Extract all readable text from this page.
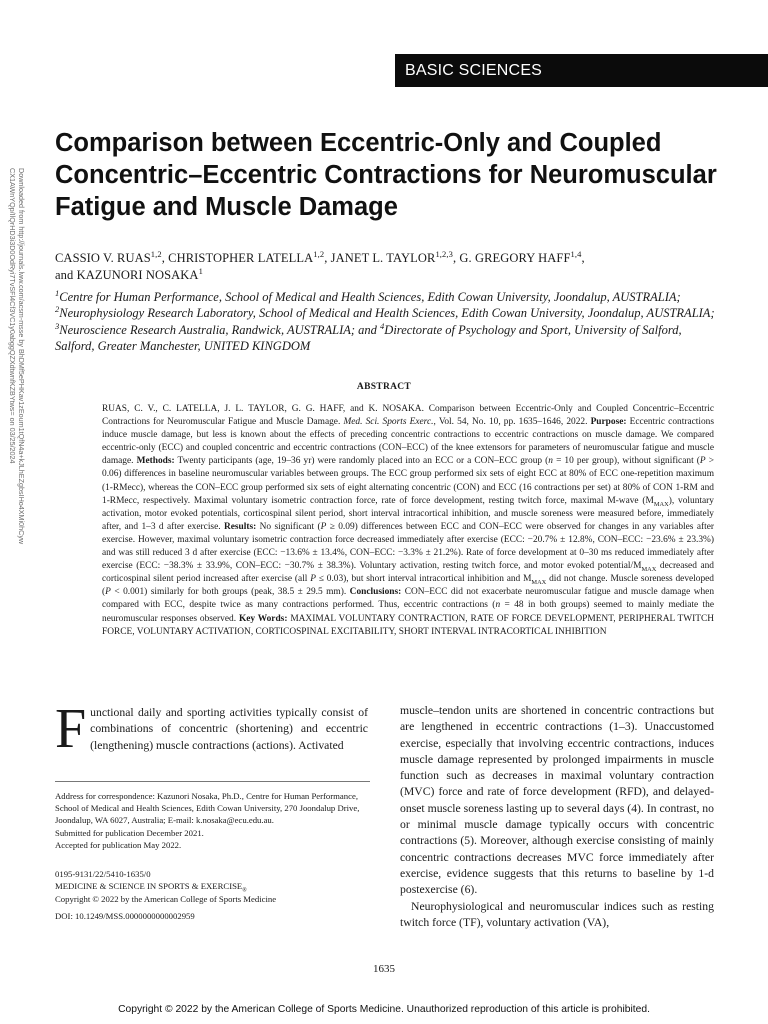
BASIC SCIENCES
Downloaded from http://journals.lww.com/acsm-msse by BhDMf5ePHKav1zEoum1tQfN4a+kJLhEZgbsIHo4XMi0hCyw CX1AWnYQp/IlQrHD3i3D0OdRyi7TvSFl4Cf3VC1y0abggQZXdtwnfKZBYtws= on 03/25/2024
Comparison between Eccentric-Only and Coupled Concentric–Eccentric Contractions for Neuromuscular Fatigue and Muscle Damage
CASSIO V. RUAS$^{1,2}$, CHRISTOPHER LATELLA$^{1,2}$, JANET L. TAYLOR$^{1,2,3}$, G. GREGORY HAFF$^{1,4}$,
and KAZUNORI NOSAKA$^1$
$^1$Centre for Human Performance, School of Medical and Health Sciences, Edith Cowan University, Joondalup, AUSTRALIA; $^2$Neurophysiology Research Laboratory, School of Medical and Health Sciences, Edith Cowan University, Joondalup, AUSTRALIA; $^3$Neuroscience Research Australia, Randwick, AUSTRALIA; and $^4$Directorate of Psychology and Sport, University of Salford, Salford, Greater Manchester, UNITED KINGDOM
ABSTRACT
RUAS, C. V., C. LATELLA, J. L. TAYLOR, G. G. HAFF, and K. NOSAKA. Comparison between Eccentric-Only and Coupled Concentric–Eccentric Contractions for Neuromuscular Fatigue and Muscle Damage. Med. Sci. Sports Exerc., Vol. 54, No. 10, pp. 1635–1646, 2022. Purpose: Eccentric contractions induce muscle damage, but less is known about the effects of preceding concentric contractions to eccentric contractions on muscle damage. We compared eccentric-only (ECC) and coupled concentric and eccentric contractions (CON–ECC) of the knee extensors for parameters of neuromuscular fatigue and muscle damage. Methods: Twenty participants (age, 19–36 yr) were randomly placed into an ECC or a CON–ECC group (n = 10 per group), without significant (P > 0.06) differences in baseline neuromuscular variables between groups. The ECC group performed six sets of eight ECC at 80% of ECC one-repetition maximum (1-RMecc), whereas the CON–ECC group performed six sets of eight alternating concentric (CON) and ECC (16 contractions per set) at 80% of CON 1-RM and 1-RMecc, respectively. Maximal voluntary isometric contraction force, rate of force development, resting twitch force, maximal M-wave $(M_{MAX})$, voluntary activation, motor evoked potentials, corticospinal silent period, short interval intracortical inhibition, and muscle soreness were measured before, immediately after, and 1–3 d after exercise. Results: No significant (P ≥ 0.09) differences between ECC and CON–ECC were observed for changes in any variables after exercise. However, maximal voluntary isometric contraction force decreased immediately after exercise (ECC: −20.7% ± 12.8%, CON–ECC: −23.6% ± 23.3%) and was still reduced 3 d after exercise (ECC: −13.6% ± 13.4%, CON–ECC: −3.3% ± 21.2%). Rate of force development at 0–30 ms reduced immediately after exercise (ECC: −38.3% ± 33.9%, CON–ECC: −30.7% ± 38.3%). Voluntary activation, resting twitch force, and motor evoked potential/$M_{MAX}$ decreased and corticospinal silent period increased after exercise (all P ≤ 0.03), but short interval intracortical inhibition and $M_{MAX}$ did not change. Muscle soreness developed (P < 0.001) similarly for both groups (peak, 38.5 ± 29.5 mm). Conclusions: CON–ECC did not exacerbate neuromuscular fatigue and muscle damage when compared with ECC, despite twice as many contractions performed. Thus, eccentric contractions (n = 48 in both groups) seemed to mainly mediate the neuromuscular responses observed. Key Words: MAXIMAL VOLUNTARY CONTRACTION, RATE OF FORCE DEVELOPMENT, PERIPHERAL TWITCH FORCE, VOLUNTARY ACTIVATION, CORTICOSPINAL EXCITABILITY, SHORT INTERVAL INTRACORTICAL INHIBITION
Functional daily and sporting activities typically consist of combinations of concentric (shortening) and eccentric (lengthening) muscle contractions (actions). Activated
Address for correspondence: Kazunori Nosaka, Ph.D., Centre for Human Performance, School of Medical and Health Sciences, Edith Cowan University, 270 Joondalup Drive, Joondalup, WA 6027, Australia; E-mail: k.nosaka@ecu.edu.au.
Submitted for publication December 2021.
Accepted for publication May 2022.
0195-9131/22/5410-1635/0
MEDICINE & SCIENCE IN SPORTS & $EXERCISE_®$
Copyright © 2022 by the American College of Sports Medicine
DOI: 10.1249/MSS.0000000000002959
muscle–tendon units are shortened in concentric contractions but are lengthened in eccentric contractions (1–3). Unaccustomed exercise, especially that involving eccentric contractions, induces muscle damage represented by prolonged impairments in muscle function such as decreases in maximal voluntary contraction (MVC) force and rate of force development (RFD), and delayed-onset muscle soreness lasting up to several days (4). In contrast, no or minimal muscle damage typically occurs with concentric contractions (5). Moreover, although exercise consisting of mainly concentric contractions decreases MVC force immediately after exercise, evidence suggests that this returns to baseline by 1-d postexercise (6).
Neurophysiological and neuromuscular indices such as resting twitch force (TF), voluntary activation (VA),
1635
Copyright © 2022 by the American College of Sports Medicine. Unauthorized reproduction of this article is prohibited.
